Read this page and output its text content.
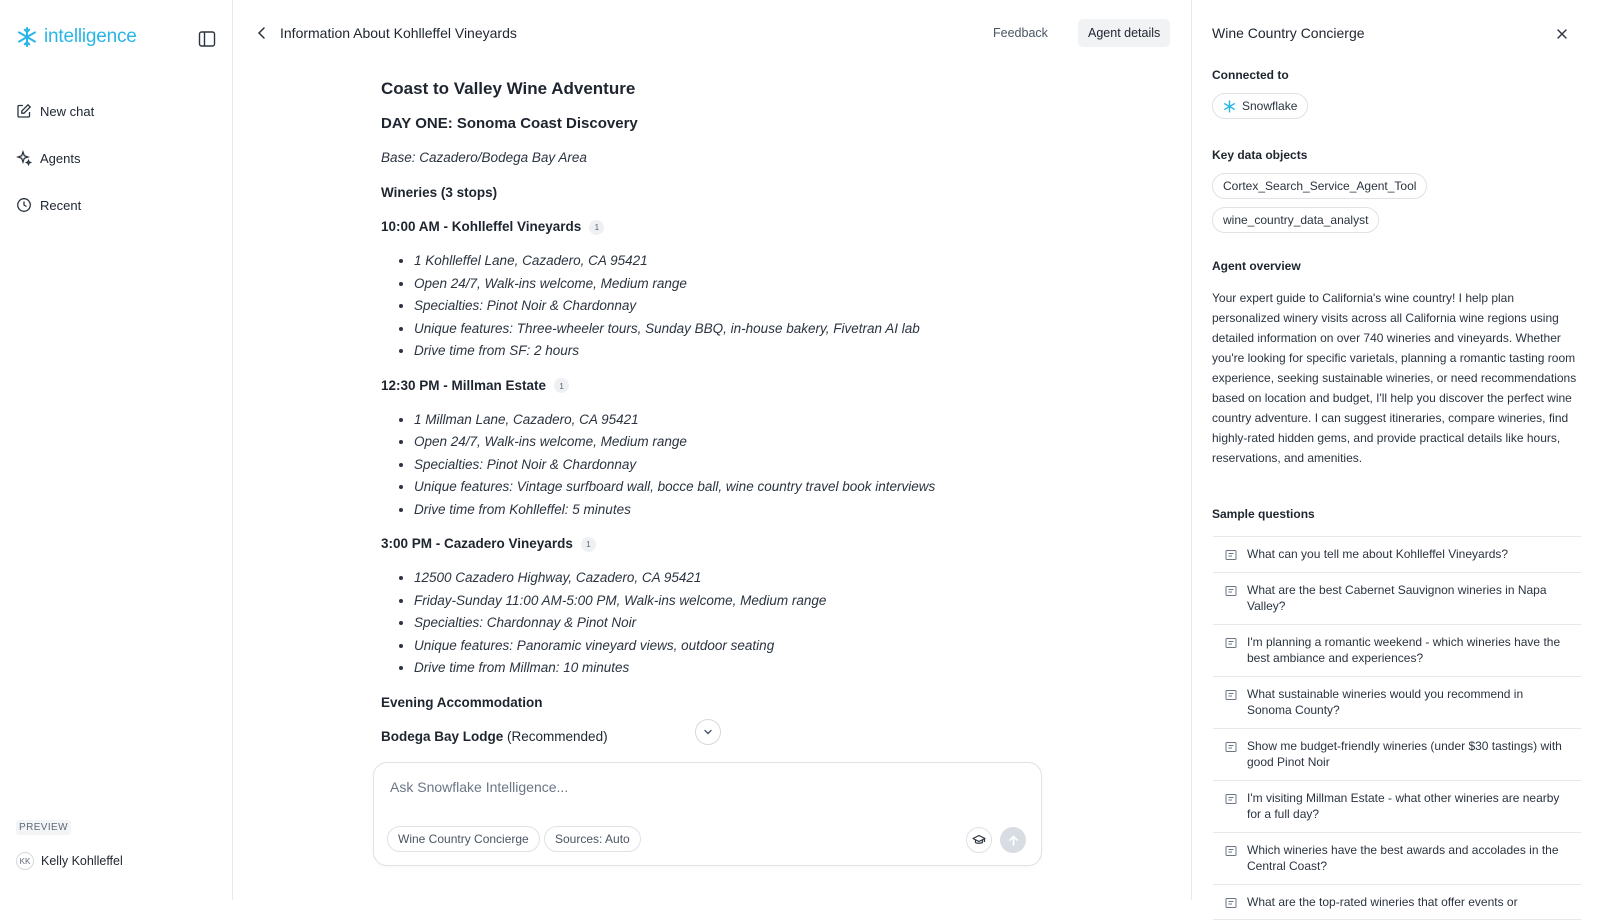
intelligence
New chat
Agents
Recent
PREVIEW
KK Kelly Kohlleffel
Information About Kohlleffel Vineyards	Feedback	Agent details
Coast to Valley Wine Adventure
DAY ONE: Sonoma Coast Discovery

Base: Cazadero/Bodega Bay Area

Wineries (3 stops)
10:00 AM - Kohlleffel Vineyards	1
• 1 Kohlleffel Lane, Cazadero, CA 95421
• Open 24/7, Walk-ins welcome, Medium range
• Specialties: Pinot Noir & Chardonnay
• Unique features: Three-wheeler tours, Sunday BBQ, in-house bakery, Fivetran AI lab
• Drive time from SF: 2 hours
12:30 PM - Millman Estate	1
• 1 Millman Lane, Cazadero, CA 95421
• Open 24/7, Walk-ins welcome, Medium range
• Specialties: Pinot Noir & Chardonnay
• Unique features: Vintage surfboard wall, bocce ball, wine country travel book interviews
• Drive time from Kohlleffel: 5 minutes
3:00 PM - Cazadero Vineyards	1
• 12500 Cazadero Highway, Cazadero, CA 95421
• Friday-Sunday 11:00 AM-5:00 PM, Walk-ins welcome, Medium range
• Specialties: Chardonnay & Pinot Noir
• Unique features: Panoramic vineyard views, outdoor seating
• Drive time from Millman: 10 minutes
Evening Accommodation

Bodega Bay Lodge (Recommended)

Ask Snowflake Intelligence...
Wine Country Concierge	Sources: Auto
Wine Country Concierge
Connected to
Snowflake
Key data objects
Cortex_Search_Service_Agent_Tool
wine_country_data_analyst
Agent overview

Your expert guide to California's wine country! I help plan personalized winery visits across all California wine regions using detailed information on over 740 wineries and vineyards. Whether you're looking for specific varietals, planning a romantic tasting room experience, seeking sustainable wineries, or need recommendations based on location and budget, I'll help you discover the perfect wine country adventure. I can suggest itineraries, compare wineries, find highly-rated hidden gems, and provide practical details like hours, reservations, and amenities.

Sample questions
What can you tell me about Kohlleffel Vineyards?
What are the best Cabernet Sauvignon wineries in Napa Valley?
I'm planning a romantic weekend - which wineries have the best ambiance and experiences?
What sustainable wineries would you recommend in Sonoma County?
Show me budget-friendly wineries (under $30 tastings) with good Pinot Noir
I'm visiting Millman Estate - what other wineries are nearby for a full day?
Which wineries have the best awards and accolades in the Central Coast?
What are the top-rated wineries that offer events or
